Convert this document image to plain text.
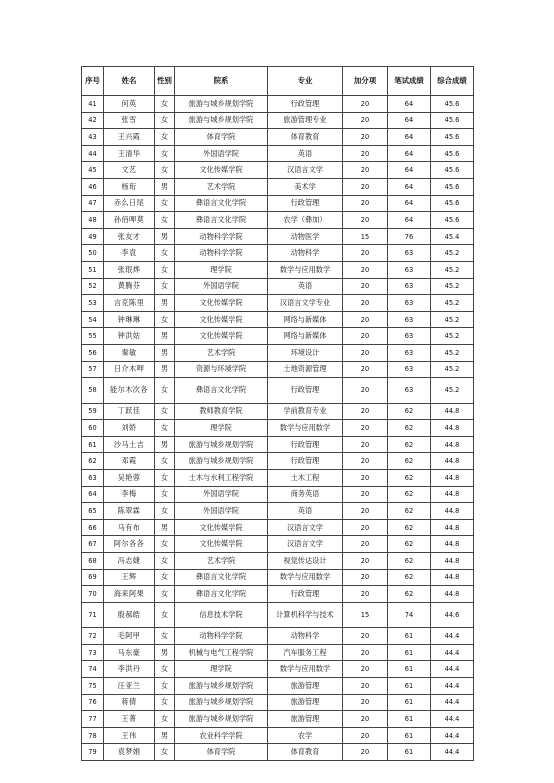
序号	姓名	性别	院系	专业	加分项	笔试成绩	综合成绩
41	何英	女	旅游与城乡规划学院	行政管理	20	64	45.6
42	张雪	女	旅游与城乡规划学院	旅游管理专业	20	64	45.6
43	王兴霞	女	体育学院	体育教育	20	64	45.6
44	王清华	女	外国语学院	英语	20	64	45.6
45	文艺	女	文化传媒学院	汉语言文学	20	64	45.6
46	杨珩	男	艺术学院	美术学	20	64	45.6
47	赤么日尾	女	彝语言文化学院	行政管理	20	64	45.6
48	孙佰呷莫	女	彝语言文化学院	农学（彝加）	20	64	45.6
49	张友才	男	动物科学学院	动物医学	15	76	45.4
50	李袁	女	动物科学学院	动物科学	20	63	45.2
51	张珉烨	女	理学院	数学与应用数学	20	63	45.2
52	黄腾芬	女	外国语学院	英语	20	63	45.2
53	言克陈里	男	文化传媒学院	汉语言文学专业	20	63	45.2
54	钟琳琳	女	文化传媒学院	网络与新媒体	20	63	45.2
55	钟洪姑	男	文化传媒学院	网络与新媒体	20	63	45.2
56	秦敏	男	艺术学院	环境设计	20	63	45.2
57	日介木呷	男	资源与环境学院	土地资源管理	20	63	45.2
58	能尔木次各	女	彝语言文化学院	行政管理	20	63	45.2
59	丁跃佳	女	教师教育学院	学前教育专业	20	62	44.8
60	刘娇	女	理学院	数学与应用数学	20	62	44.8
61	沙马土吉	男	旅游与城乡规划学院	行政管理	20	62	44.8
62	邓霞	女	旅游与城乡规划学院	行政管理	20	62	44.8
63	吴艳蓉	女	土木与水利工程学院	土木工程	20	62	44.8
64	李梅	女	外国语学院	商务英语	20	62	44.8
65	陈翠霖	女	外国语学院	英语	20	62	44.8
66	马有布	男	文化传媒学院	汉语言文学	20	62	44.8
67	阿尔各各	女	文化传媒学院	汉语言文学	20	62	44.8
68	冯志婕	女	艺术学院	视觉传达设计	20	62	44.8
69	王辉	女	彝语言文化学院	数学与应用数学	20	62	44.8
70	海来阿果	女	彝语言文化学院	行政管理	20	62	44.8
71	殷郝皓	女	信息技术学院	计算机科学与技术	15	74	44.6
72	毛阿甲	女	动物科学学院	动物科学	20	61	44.4
73	马东豪	男	机械与电气工程学院	汽车服务工程	20	61	44.4
74	李洪丹	女	理学院	数学与应用数学	20	61	44.4
75	汪亚兰	女	旅游与城乡规划学院	旅游管理	20	61	44.4
76	蒋倩	女	旅游与城乡规划学院	旅游管理	20	61	44.4
77	王菁	女	旅游与城乡规划学院	旅游管理	20	61	44.4
78	王伟	男	农业科学学院	农学	20	61	44.4
79	袁梦娟	女	体育学院	体育教育	20	61	44.4
